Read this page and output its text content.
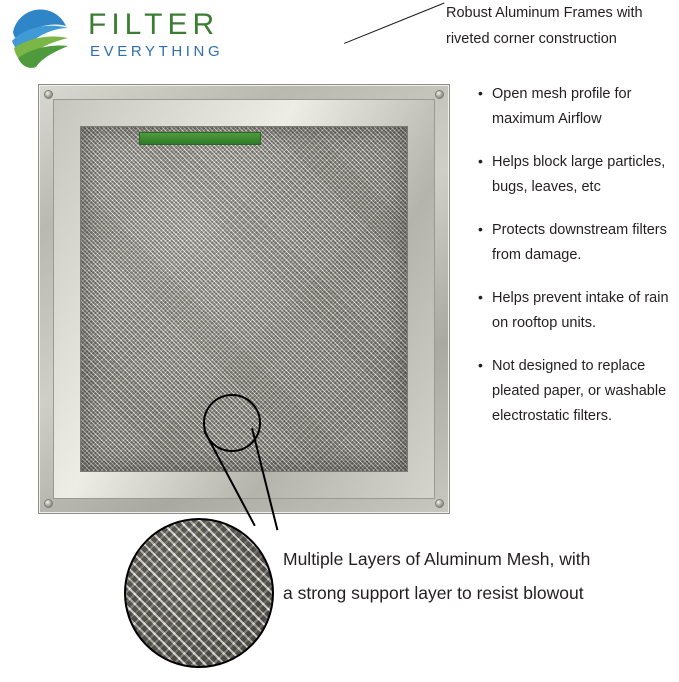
FILTER
EVERYTHING
Robust Aluminum Frames with riveted corner construction
• Open mesh profile for maximum Airflow
• Helps block large particles, bugs, leaves, etc
• Protects downstream filters from damage.
• Helps prevent intake of rain on rooftop units.
• Not designed to replace pleated paper, or washable electrostatic filters.
Multiple Layers of Aluminum Mesh, with a strong support layer to resist blowout
